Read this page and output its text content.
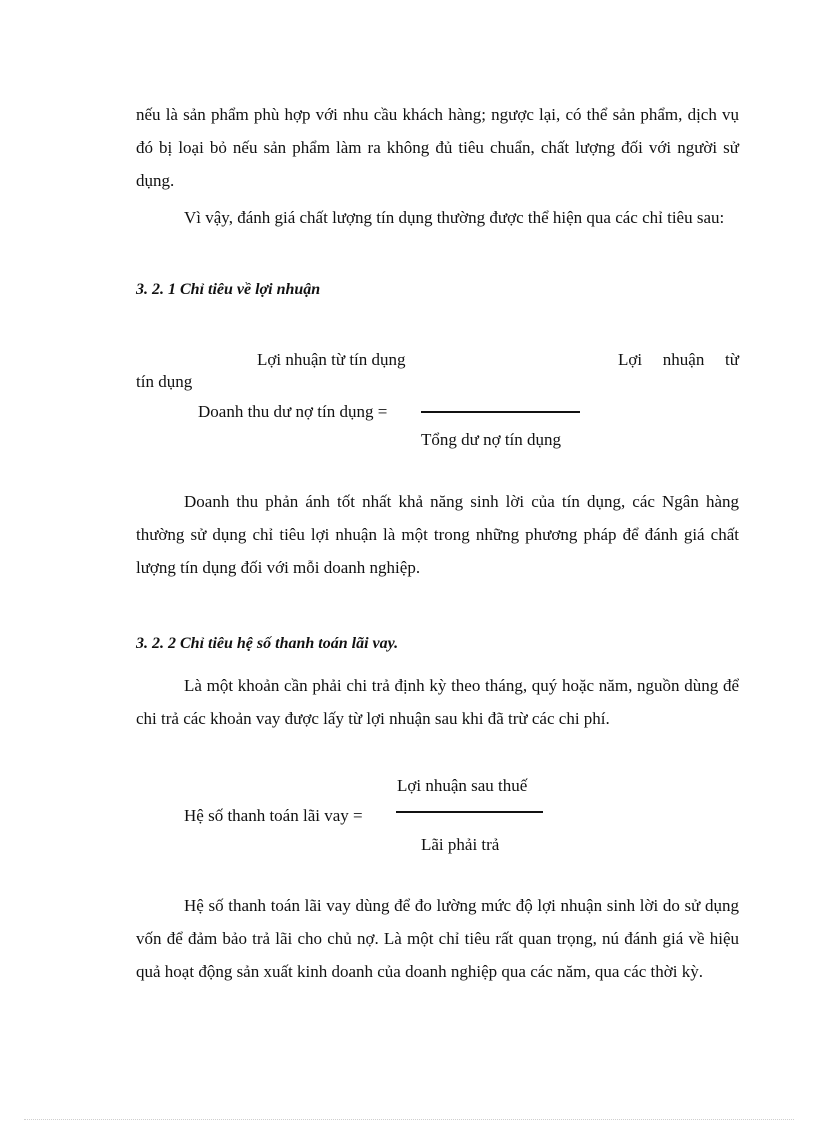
nếu là sản phẩm phù hợp với nhu cầu khách hàng; ngược lại, có thể sản phẩm, dịch vụ đó bị loại bỏ nếu sản phẩm làm ra không đủ tiêu chuẩn, chất lượng đối với người sử dụng.

Vì vậy, đánh giá chất lượng tín dụng thường được thể hiện qua các chỉ tiêu sau:

3. 2. 1 Chỉ tiêu về lợi nhuận
Lợi nhuận từ tín dụng	Lợi nhuận từ
tín dụng
Doanh thu dư nợ tín dụng =
Tổng dư nợ tín dụng

Doanh thu phản ánh tốt nhất khả năng sinh lời của tín dụng, các Ngân hàng thường sử dụng chỉ tiêu lợi nhuận là một trong những phương pháp để đánh giá chất lượng tín dụng đối với mỗi doanh nghiệp.

3. 2. 2 Chỉ tiêu hệ số thanh toán lãi vay.

Là một khoản cần phải chi trả định kỳ theo tháng, quý hoặc năm, nguồn dùng để chi trả các khoản vay được lấy từ lợi nhuận sau khi đã trừ các chi phí.

Lợi nhuận sau thuế
Hệ số thanh toán lãi vay =
Lãi phải trả

Hệ số thanh toán lãi vay dùng để đo lường mức độ lợi nhuận sinh lời do sử dụng vốn để đảm bảo trả lãi cho chủ nợ. Là một chỉ tiêu rất quan trọng, nú đánh giá về hiệu quả hoạt động sản xuất kinh doanh của doanh nghiệp qua các năm, qua các thời kỳ.
